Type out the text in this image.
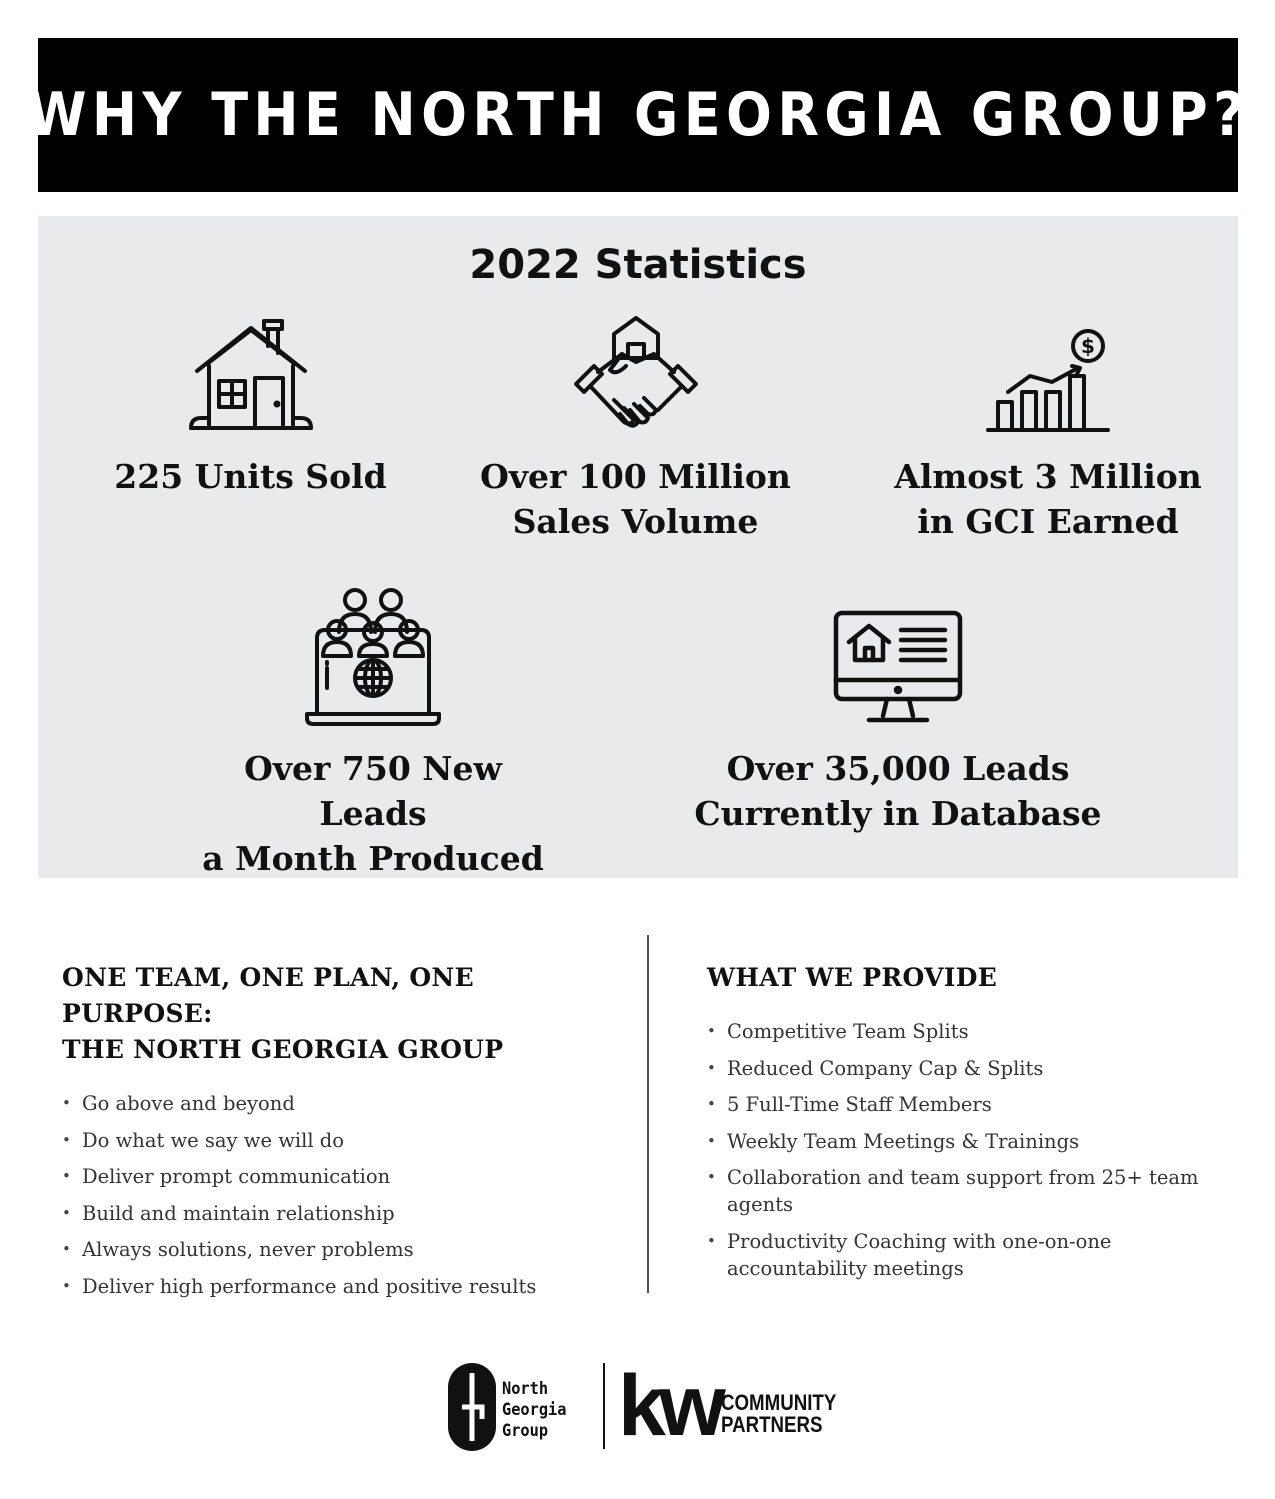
WHY THE NORTH GEORGIA GROUP?
2022 Statistics
225 Units Sold	Over 100 Million
Sales Volume
$
Almost 3 Million
in GCI Earned
Over 750 New Leads
a Month Produced
Over 35,000 Leads
Currently in Database
ONE TEAM, ONE PLAN, ONE PURPOSE:
THE NORTH GEORGIA GROUP
• Go above and beyond
• Do what we say we will do
• Deliver prompt communication
• Build and maintain relationship
• Always solutions, never problems
• Deliver high performance and positive results
WHAT WE PROVIDE
• Competitive Team Splits
• Reduced Company Cap & Splits
• 5 Full-Time Staff Members
• Weekly Team Meetings & Trainings
• Collaboration and team support from 25+ team agents
• Productivity Coaching with one-on-one accountability meetings
North
Georgia
Group kw COMMUNITY
PARTNERS
